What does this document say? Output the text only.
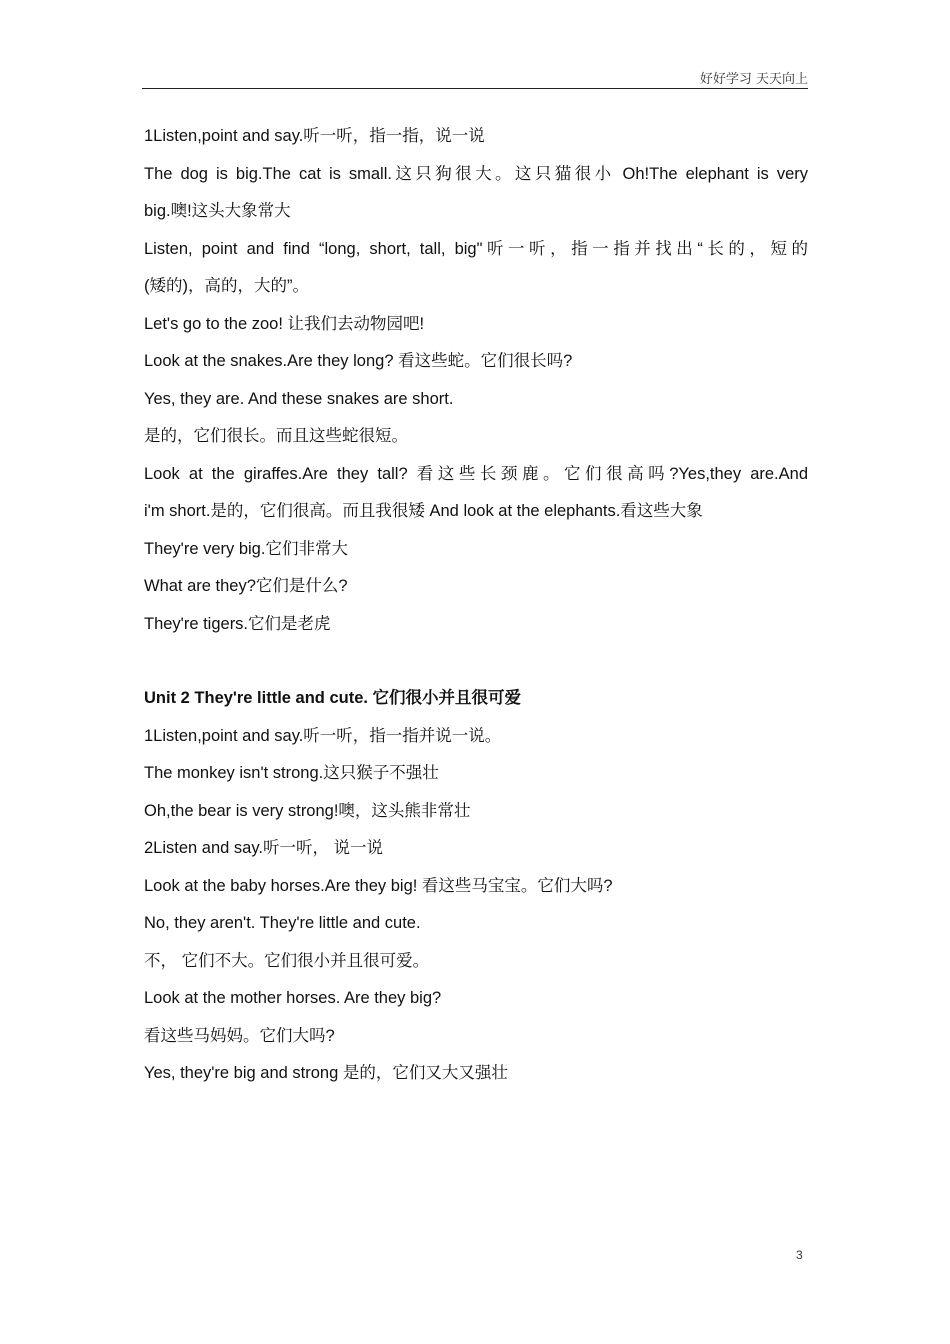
好好学习 天天向上
1Listen,point and say.听一听，指一指，说一说
The dog is big.The cat is small.这只狗很大。这只猫很小 Oh!The elephant is very
big.噢!这头大象常大
Listen, point and find “long, short, tall, big"听一听，指一指并找出“长的，短的
(矮的)，高的，大的”。
Let's go to the zoo! 让我们去动物园吧!
Look at the snakes.Are they long? 看这些蛇。它们很长吗?
Yes, they are. And these snakes are short.
是的，它们很长。而且这些蛇很短。
Look at the giraffes.Are they tall? 看这些长颈鹿。它们很高吗?Yes,they are.And
i'm short.是的，它们很高。而且我很矮 And look at the elephants.看这些大象
They're very big.它们非常大
What are they?它们是什么?
They're tigers.它们是老虎
Unit 2 They're little and cute. 它们很小并且很可爱
1Listen,point and say.听一听，指一指并说一说。
The monkey isn't strong.这只猴子不强壮
Oh,the bear is very strong!噢，这头熊非常壮
2Listen and say.听一听， 说一说
Look at the baby horses.Are they big! 看这些马宝宝。它们大吗?
No, they aren't. They're little and cute.
不， 它们不大。它们很小并且很可爱。
Look at the mother horses. Are they big?
看这些马妈妈。它们大吗?
Yes, they're big and strong 是的，它们又大又强壮
3
